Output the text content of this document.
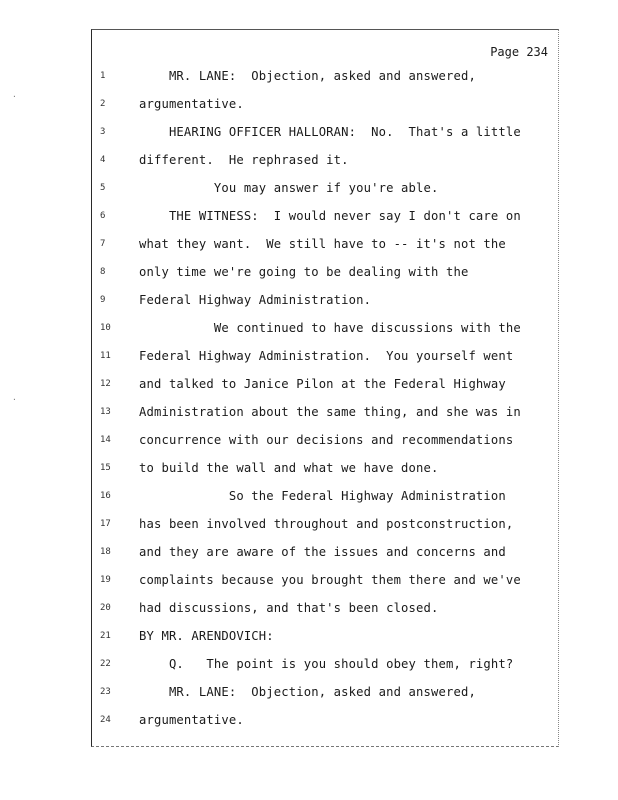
Page 234
1	MR. LANE:  Objection, asked and answered,
2	argumentative.
3	HEARING OFFICER HALLORAN:  No.  That's a little
4	different.  He rephrased it.
5	You may answer if you're able.
6	THE WITNESS:  I would never say I don't care on
7	what they want.  We still have to -- it's not the
8	only time we're going to be dealing with the
9	Federal Highway Administration.
10	We continued to have discussions with the
11	Federal Highway Administration.  You yourself went
12	and talked to Janice Pilon at the Federal Highway
13	Administration about the same thing, and she was in
14	concurrence with our decisions and recommendations
15	to build the wall and what we have done.
16	So the Federal Highway Administration
17	has been involved throughout and postconstruction,
18	and they are aware of the issues and concerns and
19	complaints because you brought them there and we've
20	had discussions, and that's been closed.
21	BY MR. ARENDOVICH:
22	Q.   The point is you should obey them, right?
23	MR. LANE:  Objection, asked and answered,
24	argumentative.
·
·
